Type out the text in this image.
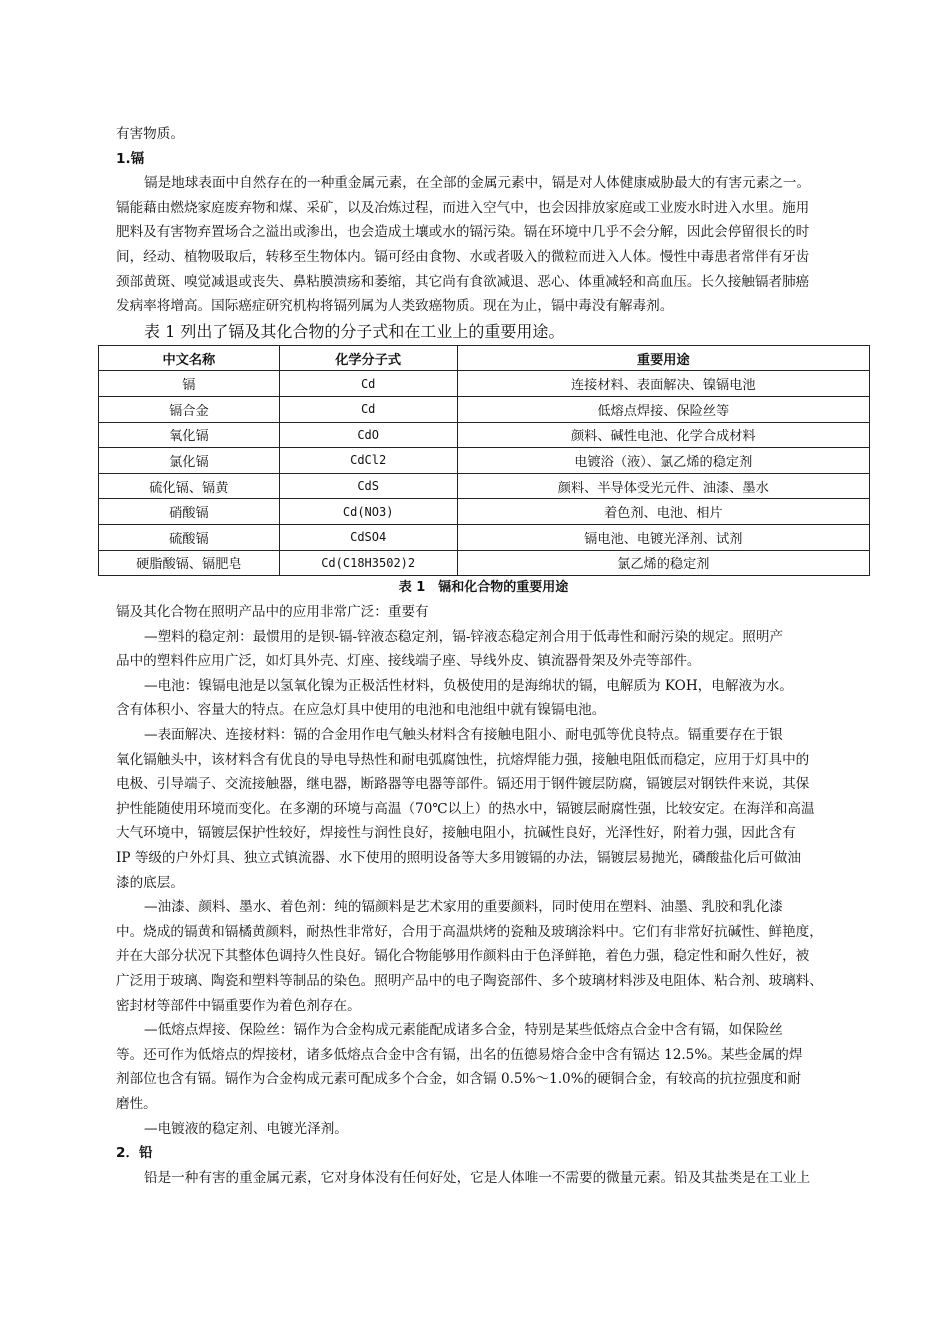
有害物质。

1.镉

镉是地球表面中自然存在的一种重金属元素，在全部的金属元素中，镉是对人体健康威胁最大的有害元素之一。

镉能藉由燃烧家庭废弃物和煤、采矿，以及冶炼过程，而进入空气中，也会因排放家庭或工业废水时进入水里。施用

肥料及有害物弃置场合之溢出或渗出，也会造成土壤或水的镉污染。镉在环境中几乎不会分解，因此会停留很长的时

间，经动、植物吸取后，转移至生物体内。镉可经由食物、水或者吸入的微粒而进入人体。慢性中毒患者常伴有牙齿

颈部黄斑、嗅觉减退或丧失、鼻粘膜溃疡和萎缩，其它尚有食欲减退、恶心、体重减轻和高血压。长久接触镉者肺癌

发病率将增高。国际癌症研究机构将镉列属为人类致癌物质。现在为止，镉中毒没有解毒剂。

表 1 列出了镉及其化合物的分子式和在工业上的重要用途。

中文名称	化学分子式	重要用途
镉	Cd	连接材料、表面解决、镍镉电池
镉合金	Cd	低熔点焊接、保险丝等
氧化镉	CdO	颜料、碱性电池、化学合成材料
氯化镉	CdCl2	电镀浴（液）、氯乙烯的稳定剂
硫化镉、镉黄	CdS	颜料、半导体受光元件、油漆、墨水
硝酸镉	Cd(NO3)	着色剂、电池、相片
硫酸镉	CdSO4	镉电池、电镀光泽剂、试剂
硬脂酸镉、镉肥皂	Cd(C18H3502)2	氯乙烯的稳定剂
表 1　镉和化合物的重要用途

镉及其化合物在照明产品中的应用非常广泛：重要有

—塑料的稳定剂：最惯用的是钡-镉-锌液态稳定剂，镉-锌液态稳定剂合用于低毒性和耐污染的规定。照明产

品中的塑料件应用广泛，如灯具外壳、灯座、接线端子座、导线外皮、镇流器骨架及外壳等部件。

—电池：镍镉电池是以氢氧化镍为正极活性材料，负极使用的是海绵状的镉，电解质为 KOH，电解液为水。

含有体积小、容量大的特点。在应急灯具中使用的电池和电池组中就有镍镉电池。

—表面解决、连接材料：镉的合金用作电气触头材料含有接触电阻小、耐电弧等优良特点。镉重要存在于银

氧化镉触头中，该材料含有优良的导电导热性和耐电弧腐蚀性，抗熔焊能力强，接触电阻低而稳定，应用于灯具中的

电极、引导端子、交流接触器，继电器，断路器等电器等部件。镉还用于钢件镀层防腐，镉镀层对钢铁件来说，其保

护性能随使用环境而变化。在多潮的环境与高温（70℃以上）的热水中，镉镀层耐腐性强，比较安定。在海洋和高温

大气环境中，镉镀层保护性较好，焊接性与润性良好，接触电阻小，抗碱性良好，光泽性好，附着力强，因此含有

IP 等级的户外灯具、独立式镇流器、水下使用的照明设备等大多用镀镉的办法，镉镀层易抛光，磷酸盐化后可做油

漆的底层。

—油漆、颜料、墨水、着色剂：纯的镉颜料是艺术家用的重要颜料，同时使用在塑料、油墨、乳胶和乳化漆

中。烧成的镉黄和镉橘黄颜料，耐热性非常好，合用于高温烘烤的瓷釉及玻璃涂料中。它们有非常好抗碱性、鲜艳度，

并在大部分状况下其整体色调持久性良好。镉化合物能够用作颜料由于色泽鲜艳，着色力强，稳定性和耐久性好，被

广泛用于玻璃、陶瓷和塑料等制品的染色。照明产品中的电子陶瓷部件、多个玻璃材料涉及电阻体、粘合剂、玻璃料、

密封材等部件中镉重要作为着色剂存在。

—低熔点焊接、保险丝：镉作为合金构成元素能配成诸多合金，特别是某些低熔点合金中含有镉，如保险丝

等。还可作为低熔点的焊接材，诸多低熔点合金中含有镉，出名的伍德易熔合金中含有镉达 12.5%。某些金属的焊

剂部位也含有镉。镉作为合金构成元素可配成多个合金，如含镉 0.5%～1.0%的硬铜合金，有较高的抗拉强度和耐

磨性。

—电镀液的稳定剂、电镀光泽剂。

2．铅

铅是一种有害的重金属元素，它对身体没有任何好处，它是人体唯一不需要的微量元素。铅及其盐类是在工业上
